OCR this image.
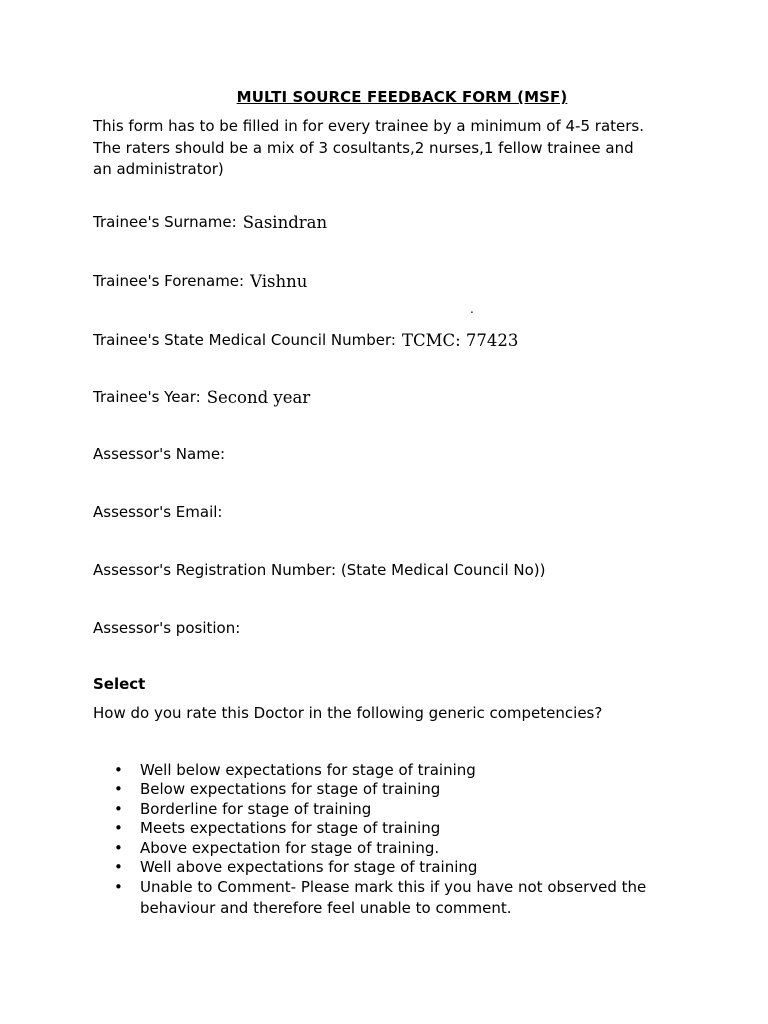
MULTI SOURCE FEEDBACK FORM (MSF)
This form has to be filled in for every trainee by a minimum of 4-5 raters.
The raters should be a mix of 3 cosultants,2 nurses,1 fellow trainee and
an administrator)
Trainee's Surname: Sasindran
Trainee's Forename: Vishnu
.
Trainee's State Medical Council Number: TCMC: 77423
Trainee's Year: Second year
Assessor's Name:
Assessor's Email:
Assessor's Registration Number: (State Medical Council No))
Assessor's position:
Select
How do you rate this Doctor in the following generic competencies?
• Well below expectations for stage of training
• Below expectations for stage of training
• Borderline for stage of training
• Meets expectations for stage of training
• Above expectation for stage of training.
• Well above expectations for stage of training
• Unable to Comment- Please mark this if you have not observed the
behaviour and therefore feel unable to comment.
